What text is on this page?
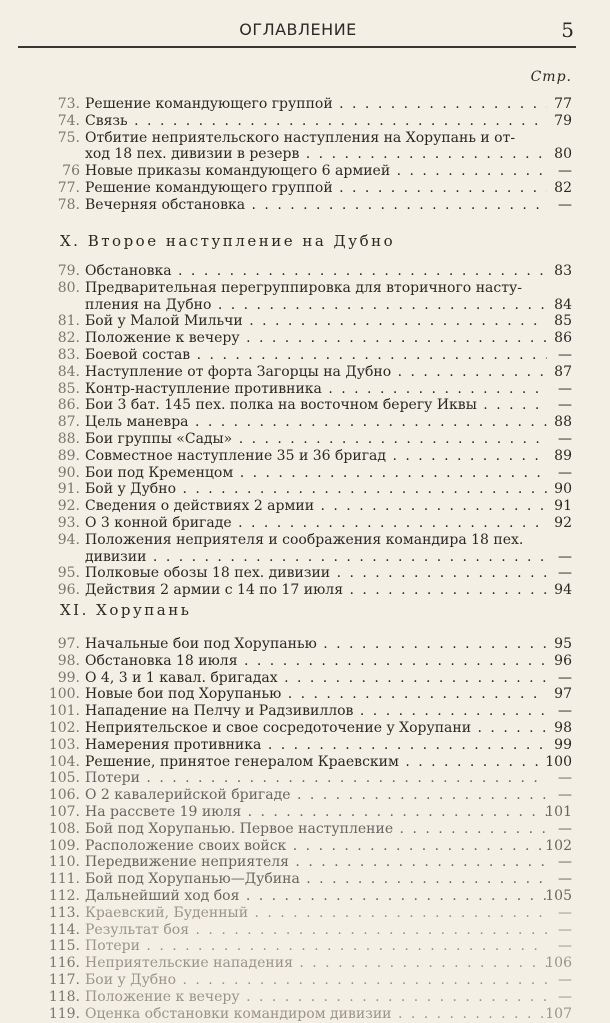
ОГЛАВЛЕНИЕ	5
Стр.
73. Решение командующего группой . . .	77
74. Связь . . .	79
75. Отбитие неприятельского наступления на Хорупань и от-
ход 18 пех. дивизии в резерв . . .	80
76 Новые приказы командующего 6 армией . . .	—
77. Решение командующего группой . . .	82
78. Вечерняя обстановка . . .	—
X. Второе наступление на Дубно
79. Обстановка . . .	83
80. Предварительная перегруппировка для вторичного насту-
пления на Дубно . . .	84
81. Бой у Малой Мильчи . . .	85
82. Положение к вечеру . . .	86
83. Боевой состав . . .	—
84. Наступление от форта Загорцы на Дубно . . .	87
85. Контр-наступление противника . . .	—
86. Бои 3 бат. 145 пех. полка на восточном берегу Иквы . . .	—
87. Цель маневра . . .	88
88. Бои группы «Сады» . . .	—
89. Совместное наступление 35 и 36 бригад . . .	89
90. Бои под Кременцом . . .	—
91. Бой у Дубно . . .	90
92. Сведения о действиях 2 армии . . .	91
93. О 3 конной бригаде . . .	92
94. Положения неприятеля и соображения командира 18 пех.
дивизии . . .	—
95. Полковые обозы 18 пех. дивизии . . .	—
96. Действия 2 армии с 14 по 17 июля . . .	94
XI. Хорупань
97. Начальные бои под Хорупанью . . .	95
98. Обстановка 18 июля . . .	96
99. О 4, 3 и 1 кавал. бригадах . . .	—
100. Новые бои под Хорупанью . . .	97
101. Нападение на Пелчу и Радзивиллов . . .	—
102. Неприятельское и свое сосредоточение у Хорупани . . .	98
103. Намерения противника . . .	99
104. Решение, принятое генералом Краевским . . .	100
105. Потери . . .	—
106. О 2 кавалерийской бригаде . . .	—
107. На рассвете 19 июля . . .	101
108. Бой под Хорупанью. Первое наступление . . .	—
109. Расположение своих войск . . .	102
110. Передвижение неприятеля . . .	—
111. Бой под Хорупанью—Дубина . . .	—
112. Дальнейший ход боя . . .	105
113. Краевский, Буденный . . .	—
114. Результат боя . . .	—
115. Потери . . .	—
116. Неприятельские нападения . . .	106
117. Бои у Дубно . . .	—
118. Положение к вечеру . . .	—
119. Оценка обстановки командиром дивизии . . .	107
